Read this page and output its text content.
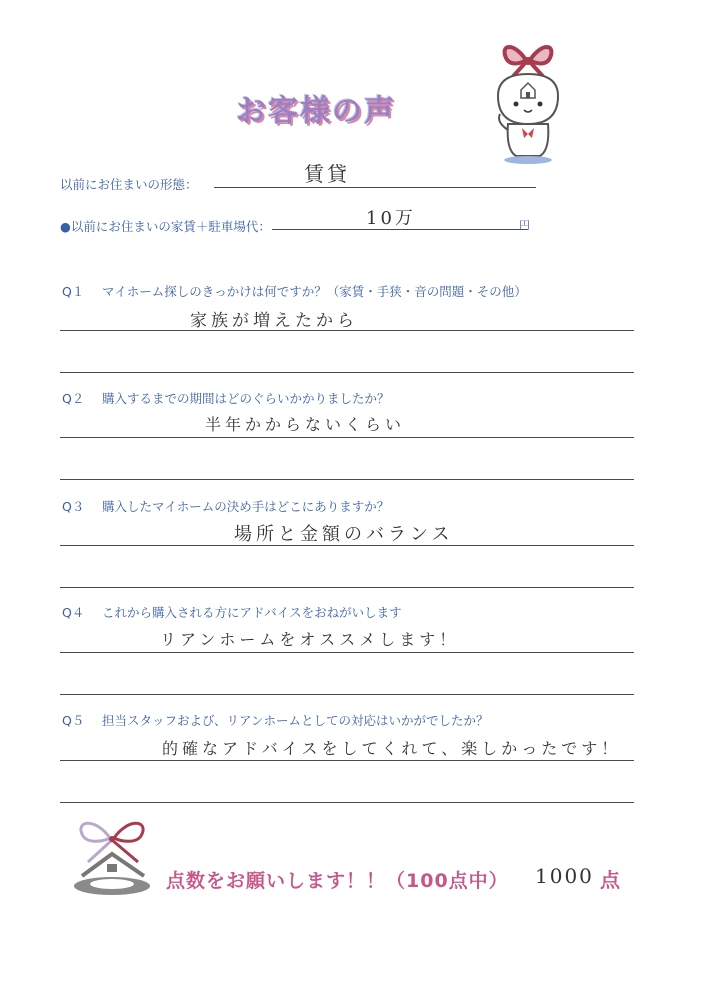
お客様の声
以前にお住まいの形態：	賃貸
●以前にお住まいの家賃＋駐車場代：	10万	円
Q１ マイホーム探しのきっかけは何ですか？（家賃・手狭・音の問題・その他）
家族が増えたから
Q２ 購入するまでの期間はどのぐらいかかりましたか？
半年かからないくらい
Q３ 購入したマイホームの決め手はどこにありますか？
場所と金額のバランス
Q４ これから購入される方にアドバイスをおねがいします
リアンホームをオススメします！
Q５ 担当スタッフおよび、リアンホームとしての対応はいかがでしたか？
的確なアドバイスをしてくれて、楽しかったです！
点数をお願いします！！（100点中） 1000 点
